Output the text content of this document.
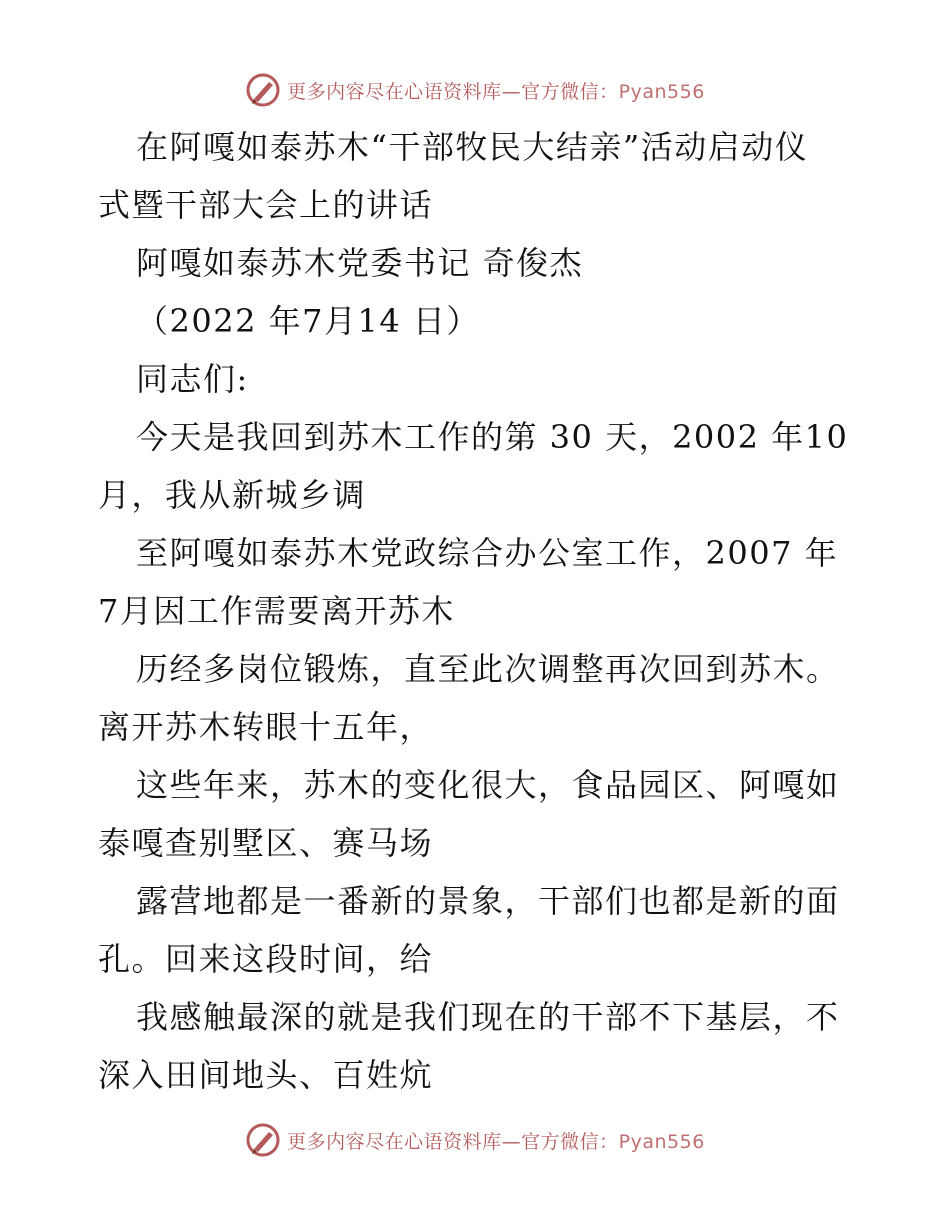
更多内容尽在心语资料库—官方微信：Pyan556
在阿嘎如泰苏木“干部牧民大结亲”活动启动仪
式暨干部大会上的讲话
阿嘎如泰苏木党委书记 奇俊杰
（2022 年7月14 日）
同志们:
今天是我回到苏木工作的第 30 天，2002 年10
月，我从新城乡调
至阿嘎如泰苏木党政综合办公室工作，2007 年
7月因工作需要离开苏木
历经多岗位锻炼，直至此次调整再次回到苏木。
离开苏木转眼十五年，
这些年来，苏木的变化很大，食品园区、阿嘎如
泰嘎查别墅区、赛马场
露营地都是一番新的景象，干部们也都是新的面
孔。回来这段时间，给
我感触最深的就是我们现在的干部不下基层，不
深入田间地头、百姓炕
更多内容尽在心语资料库—官方微信：Pyan556
